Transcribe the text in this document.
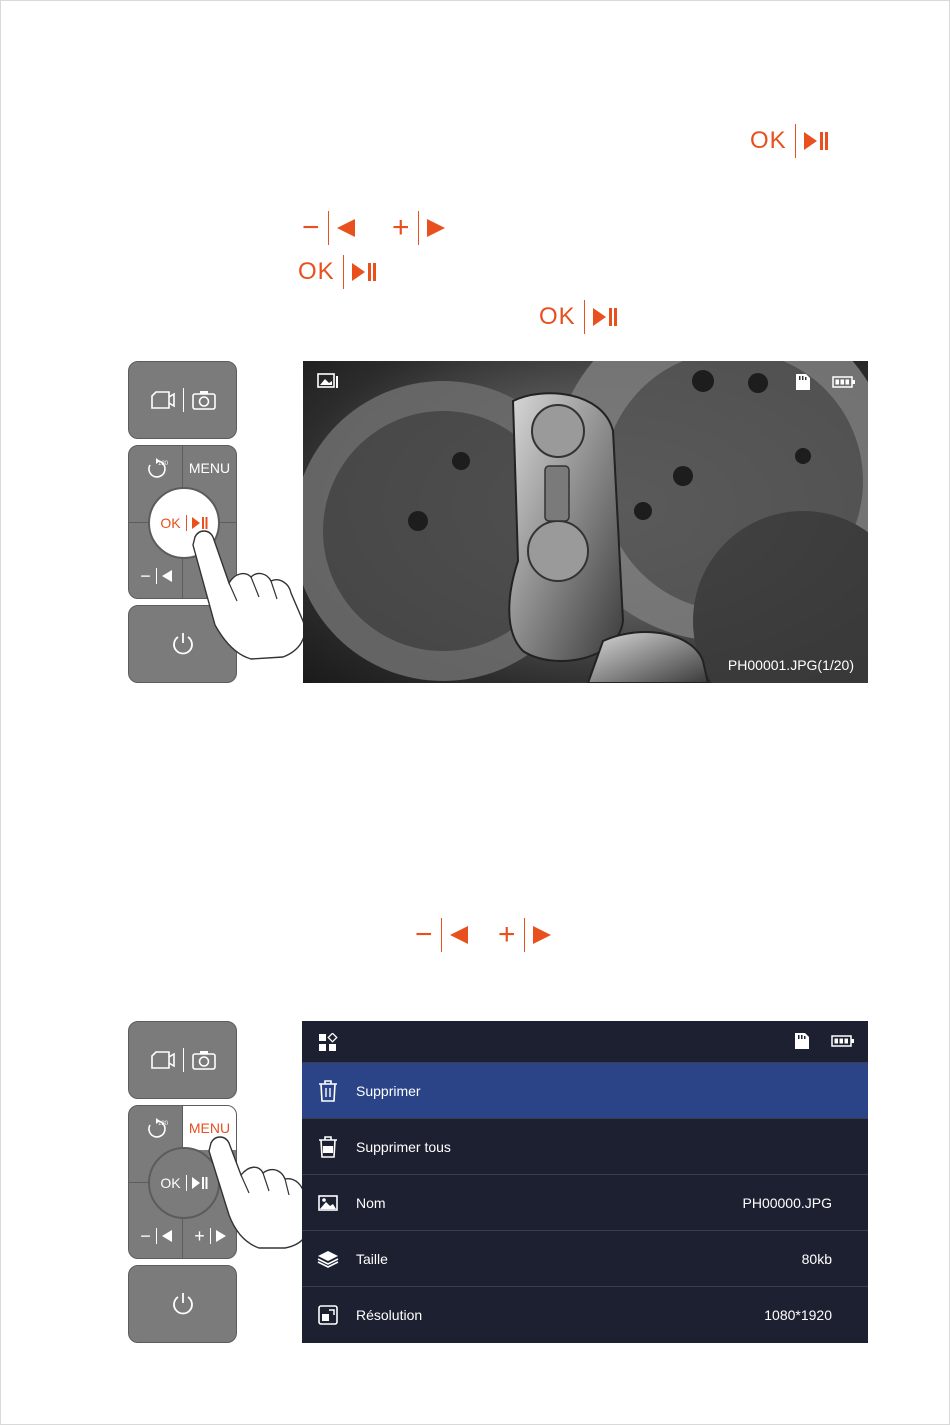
OK
− +
OK
OK
180 MENU
−
OK
PH00001.JPG(1/20)
− +
180 MENU
− +
OK
Supprimer
Supprimer tous
Nom	PH00000.JPG
Taille	80kb
Résolution	1080*1920
